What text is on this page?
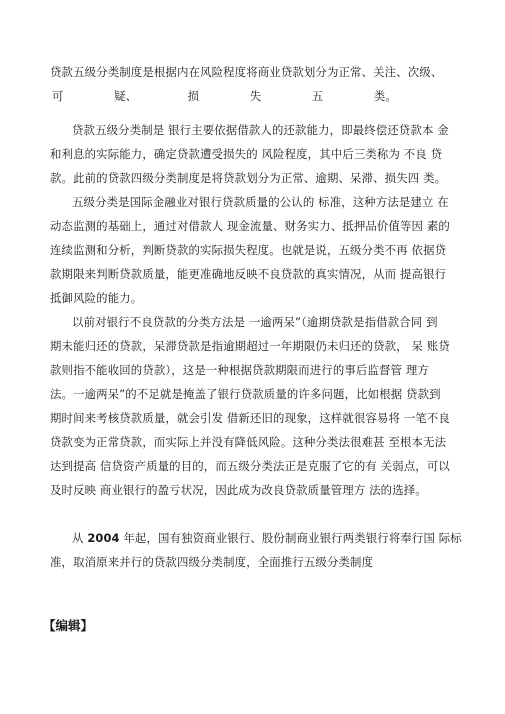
贷款五级分类制度是根据内在风险程度将商业贷款划分为正常、关注、次级、
可	疑、	损	失	五	类。
贷款五级分类制是 银行主要依据借款人的还款能力，即最终偿还贷款本 金
和利息的实际能力，确定贷款遭受损失的 风险程度，其中后三类称为 不良 贷
款。此前的贷款四级分类制度是将贷款划分为正常、逾期、呆滞、损失四 类。
五级分类是国际金融业对银行贷款质量的公认的 标准，这种方法是建立 在
动态监测的基础上，通过对借款人 现金流量、财务实力、抵押品价值等因 素的
连续监测和分析，判断贷款的实际损失程度。也就是说，五级分类不再 依据贷
款期限来判断贷款质量，能更准确地反映不良贷款的真实情况，从而 提高银行
抵御风险的能力。
以前对银行不良贷款的分类方法是 一逾两呆”（逾期贷款是指借款合同 到
期未能归还的贷款，呆滞贷款是指逾期超过一年期限仍未归还的贷款， 呆 账贷
款则指不能收回的贷款），这是一种根据贷款期限而进行的事后监督管 理方
法。一逾两呆”的不足就是掩盖了银行贷款质量的许多问题，比如根据 贷款到
期时间来考核贷款质量，就会引发 借新还旧的现象，这样就很容易将 一笔不良
贷款变为正常贷款，而实际上并没有降低风险。这种分类法很难甚 至根本无法
达到提高 信贷资产质量的目的，而五级分类法正是克服了它的有 关弱点，可以
及时反映 商业银行的盈亏状况，因此成为改良贷款质量管理方 法的选择。
从 2004 年起，国有独资商业银行、股份制商业银行两类银行将奉行国 际标
准，取消原来并行的贷款四级分类制度，全面推行五级分类制度
【编辑】
